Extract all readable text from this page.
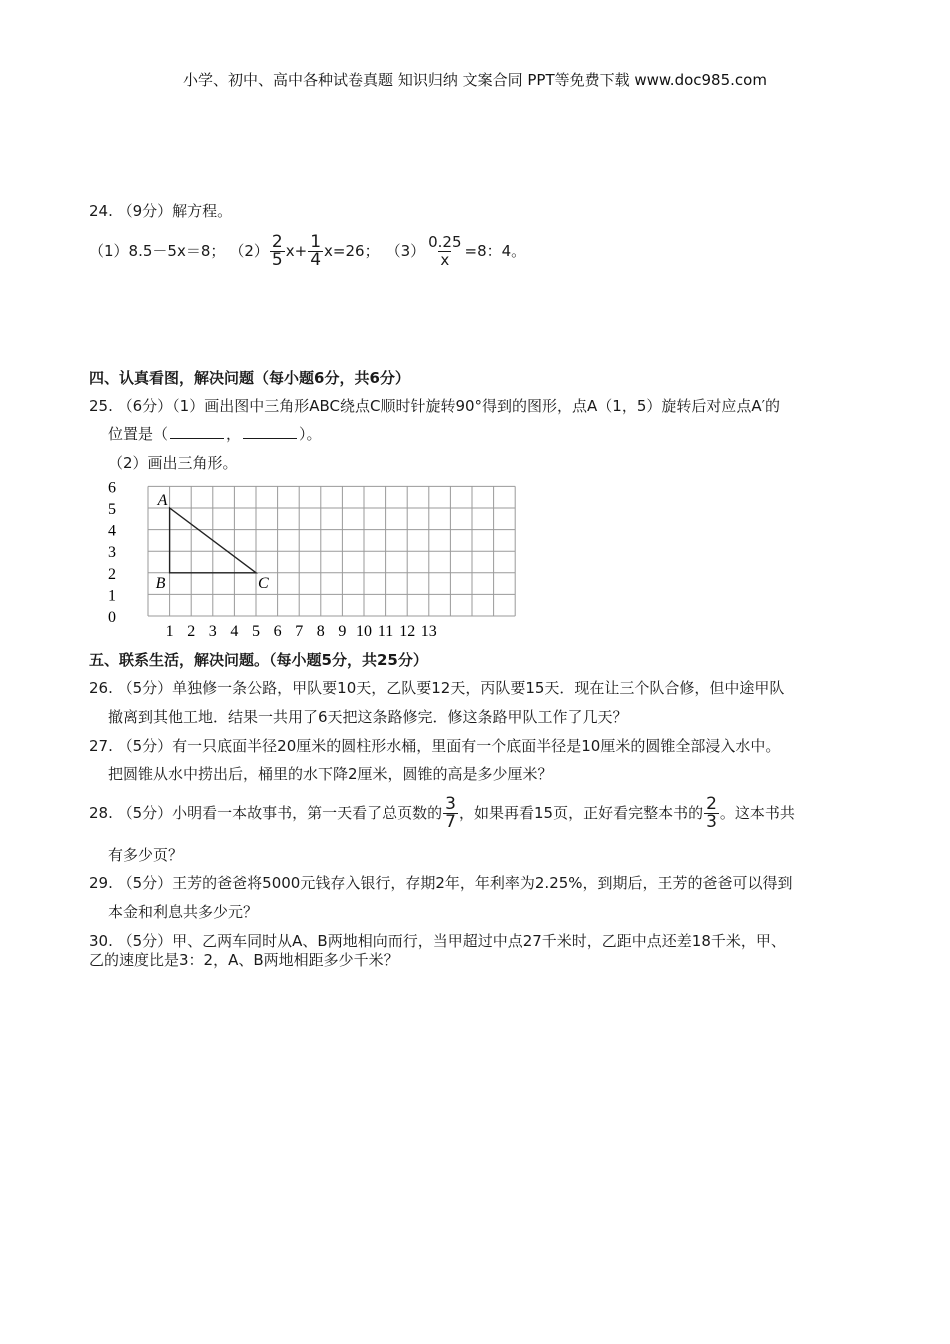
小学、初中、高中各种试卷真题 知识归纳 文案合同 PPT等免费下载 www.doc985.com
24. （9分）解方程。
（1）8.5－5x＝8； $(2) \frac{2}{5} x+ \frac{1}{4} x=26$； $(3) \frac{0.25}{x} =8$：4。
四、认真看图，解决问题（每小题6分，共6分）
25. （6分）（1）画出图中三角形ABC绕点C顺时针旋转90°得到的图形，点A（1，5）旋转后对应点A′的
位置是（	，	）。
（2）画出三角形。
6
5
4
3
2
1
0
1 2 3 4 5 6 7 8 9 10 11 12 13
A
B	C
五、联系生活，解决问题。（每小题5分，共25分）
26. （5分）单独修一条公路，甲队要10天，乙队要12天，丙队要15天．现在让三个队合修，但中途甲队
撤离到其他工地．结果一共用了6天把这条路修完．修这条路甲队工作了几天？
27. （5分）有一只底面半径20厘米的圆柱形水桶，里面有一个底面半径是10厘米的圆锥全部浸入水中。
把圆锥从水中捞出后，桶里的水下降2厘米，圆锥的高是多少厘米？
28. （5分）小明看一本故事书，第一天看了总页数的 $\frac{3}{7}$ ，如果再看15页，正好看完整本书的 $\frac{2}{3}$ 。这本书共
有多少页？
29. （5分）王芳的爸爸将5000元钱存入银行，存期2年，年利率为2.25%，到期后，王芳的爸爸可以得到
本金和利息共多少元？
30. （5分）甲、乙两车同时从A、B两地相向而行，当甲超过中点27千米时，乙距中点还差18千米，甲、
乙的速度比是3：2，A、B两地相距多少千米？
